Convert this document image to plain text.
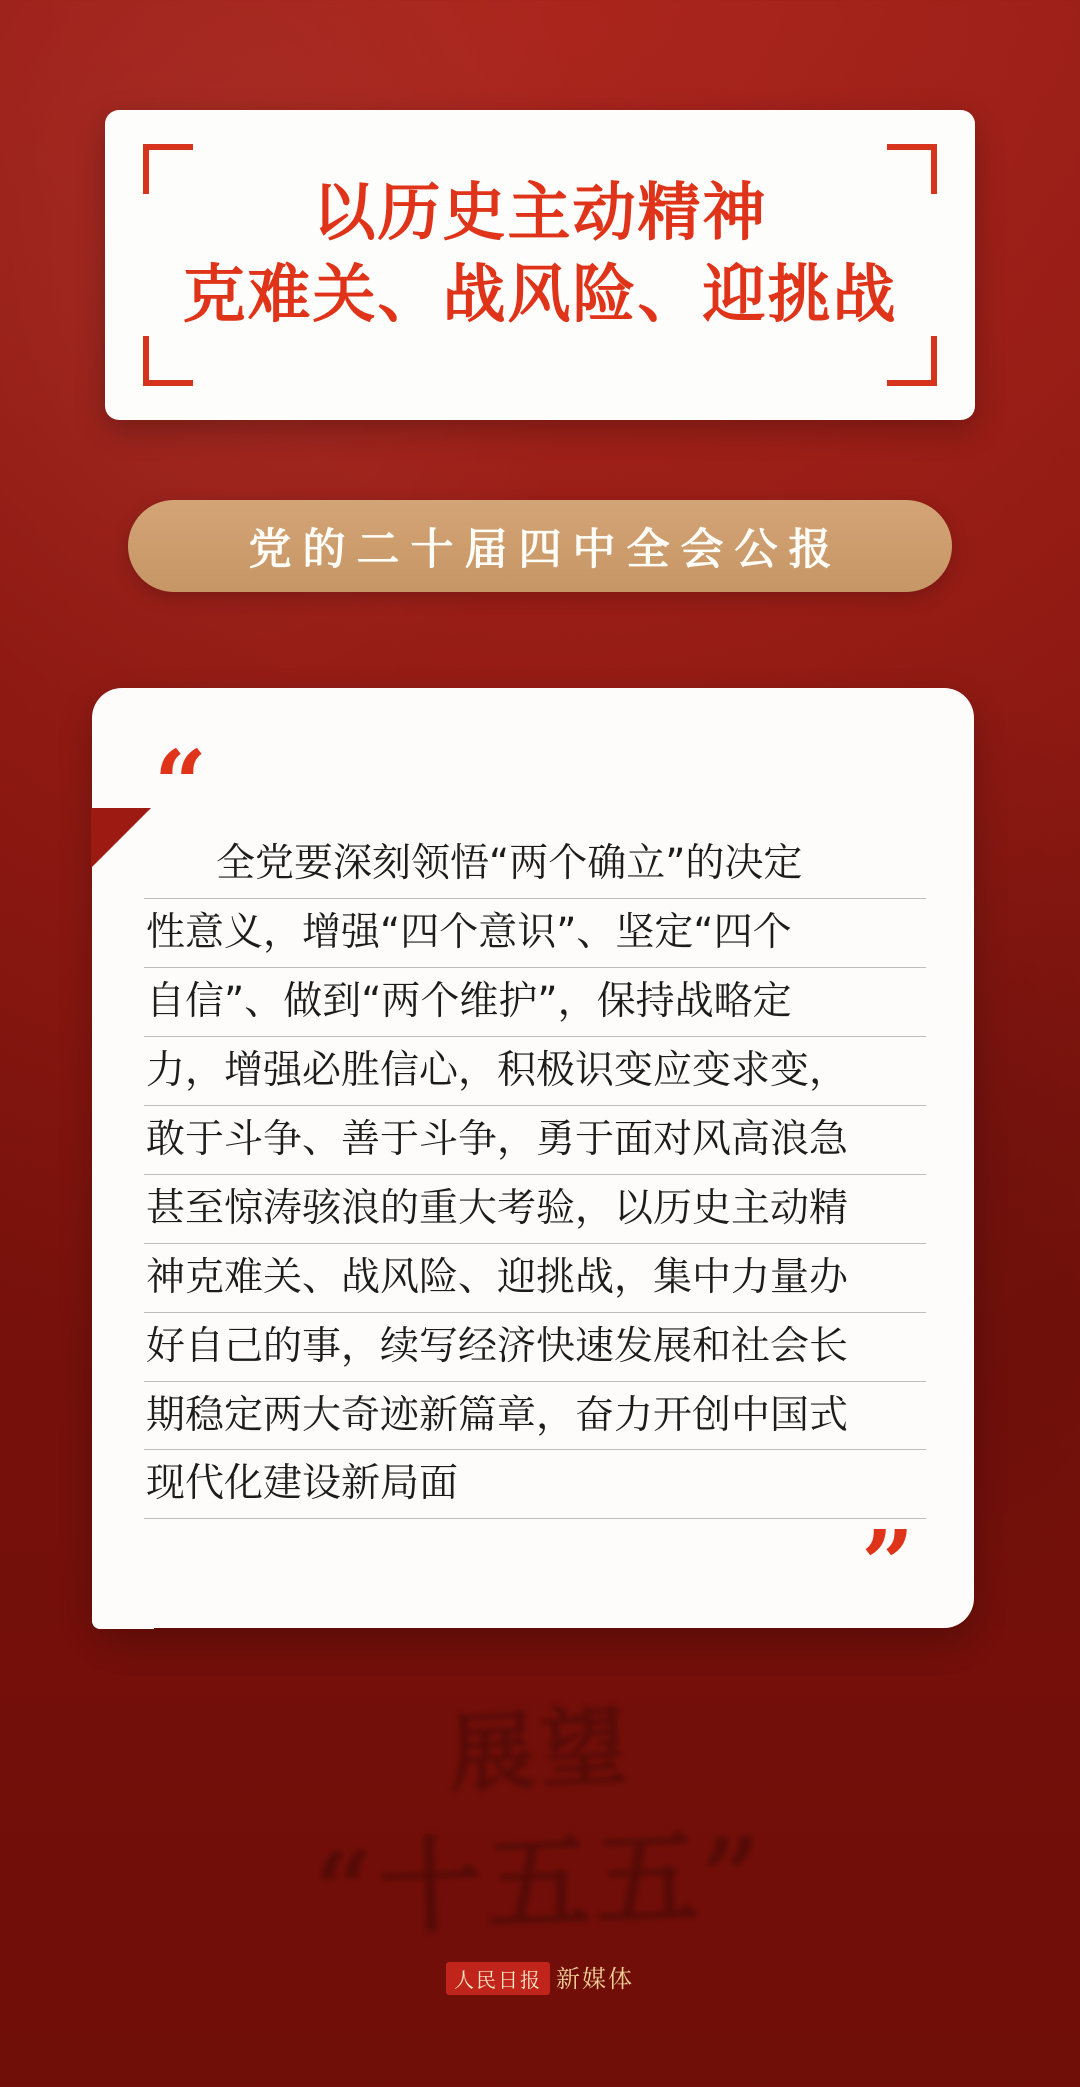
以历史主动精神
克难关、战风险、迎挑战
党的二十届四中全会公报
“
全党要深刻领悟“两个确立”的决定
性意义，增强“四个意识”、坚定“四个
自信”、做到“两个维护”，保持战略定
力，增强必胜信心，积极识变应变求变，
敢于斗争、善于斗争，勇于面对风高浪急
甚至惊涛骇浪的重大考验，以历史主动精
神克难关、战风险、迎挑战，集中力量办
好自己的事，续写经济快速发展和社会长
期稳定两大奇迹新篇章，奋力开创中国式
现代化建设新局面
”
展望
“十五五”
人民日报 新媒体
